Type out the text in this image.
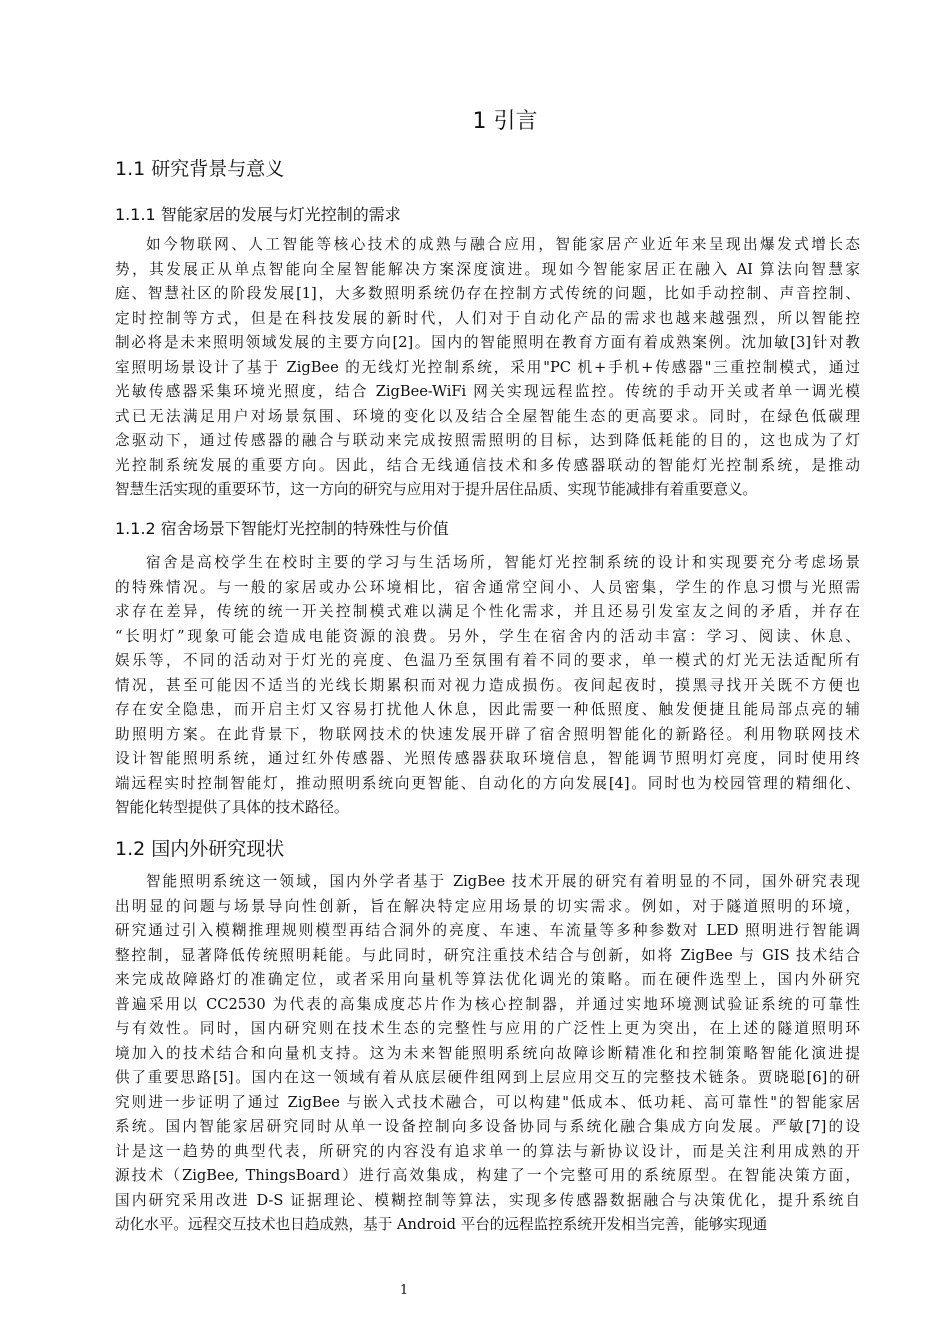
1 引言
1.1 研究背景与意义
1.1.1 智能家居的发展与灯光控制的需求
如今物联网、人工智能等核心技术的成熟与融合应用，智能家居产业近年来呈现出爆发式增长态
势，其发展正从单点智能向全屋智能解决方案深度演进。现如今智能家居正在融入 AI 算法向智慧家
庭、智慧社区的阶段发展[1]，大多数照明系统仍存在控制方式传统的问题，比如手动控制、声音控制、
定时控制等方式，但是在科技发展的新时代，人们对于自动化产品的需求也越来越强烈，所以智能控
制必将是未来照明领域发展的主要方向[2]。国内的智能照明在教育方面有着成熟案例。沈加敏[3]针对教
室照明场景设计了基于 ZigBee 的无线灯光控制系统，采用"PC 机+手机+传感器"三重控制模式，通过
光敏传感器采集环境光照度，结合 ZigBee-WiFi 网关实现远程监控。传统的手动开关或者单一调光模
式已无法满足用户对场景氛围、环境的变化以及结合全屋智能生态的更高要求。同时，在绿色低碳理
念驱动下，通过传感器的融合与联动来完成按照需照明的目标，达到降低耗能的目的，这也成为了灯
光控制系统发展的重要方向。因此，结合无线通信技术和多传感器联动的智能灯光控制系统，是推动
智慧生活实现的重要环节，这一方向的研究与应用对于提升居住品质、实现节能减排有着重要意义。
1.1.2 宿舍场景下智能灯光控制的特殊性与价值
宿舍是高校学生在校时主要的学习与生活场所，智能灯光控制系统的设计和实现要充分考虑场景
的特殊情况。与一般的家居或办公环境相比，宿舍通常空间小、人员密集，学生的作息习惯与光照需
求存在差异，传统的统一开关控制模式难以满足个性化需求，并且还易引发室友之间的矛盾，并存在
“长明灯”现象可能会造成电能资源的浪费。另外，学生在宿舍内的活动丰富：学习、阅读、休息、
娱乐等，不同的活动对于灯光的亮度、色温乃至氛围有着不同的要求，单一模式的灯光无法适配所有
情况，甚至可能因不适当的光线长期累积而对视力造成损伤。夜间起夜时，摸黑寻找开关既不方便也
存在安全隐患，而开启主灯又容易打扰他人休息，因此需要一种低照度、触发便捷且能局部点亮的辅
助照明方案。在此背景下，物联网技术的快速发展开辟了宿舍照明智能化的新路径。利用物联网技术
设计智能照明系统，通过红外传感器、光照传感器获取环境信息，智能调节照明灯亮度，同时使用终
端远程实时控制智能灯，推动照明系统向更智能、自动化的方向发展[4]。同时也为校园管理的精细化、
智能化转型提供了具体的技术路径。
1.2 国内外研究现状
智能照明系统这一领域，国内外学者基于 ZigBee 技术开展的研究有着明显的不同，国外研究表现
出明显的问题与场景导向性创新，旨在解决特定应用场景的切实需求。例如，对于隧道照明的环境，
研究通过引入模糊推理规则模型再结合洞外的亮度、车速、车流量等多种参数对 LED 照明进行智能调
整控制，显著降低传统照明耗能。与此同时，研究注重技术结合与创新，如将 ZigBee 与 GIS 技术结合
来完成故障路灯的准确定位，或者采用向量机等算法优化调光的策略。而在硬件选型上，国内外研究
普遍采用以 CC2530 为代表的高集成度芯片作为核心控制器，并通过实地环境测试验证系统的可靠性
与有效性。同时，国内研究则在技术生态的完整性与应用的广泛性上更为突出，在上述的隧道照明环
境加入的技术结合和向量机支持。这为未来智能照明系统向故障诊断精准化和控制策略智能化演进提
供了重要思路[5]。国内在这一领域有着从底层硬件组网到上层应用交互的完整技术链条。贾晓聪[6]的研
究则进一步证明了通过 ZigBee 与嵌入式技术融合，可以构建"低成本、低功耗、高可靠性"的智能家居
系统。国内智能家居研究同时从单一设备控制向多设备协同与系统化融合集成方向发展。严敏[7]的设
计是这一趋势的典型代表，所研究的内容没有追求单一的算法与新协议设计，而是关注利用成熟的开
源技术（ZigBee, ThingsBoard）进行高效集成，构建了一个完整可用的系统原型。在智能决策方面，
国内研究采用改进 D-S 证据理论、模糊控制等算法，实现多传感器数据融合与决策优化，提升系统自
动化水平。远程交互技术也日趋成熟，基于 Android 平台的远程监控系统开发相当完善，能够实现通
1
